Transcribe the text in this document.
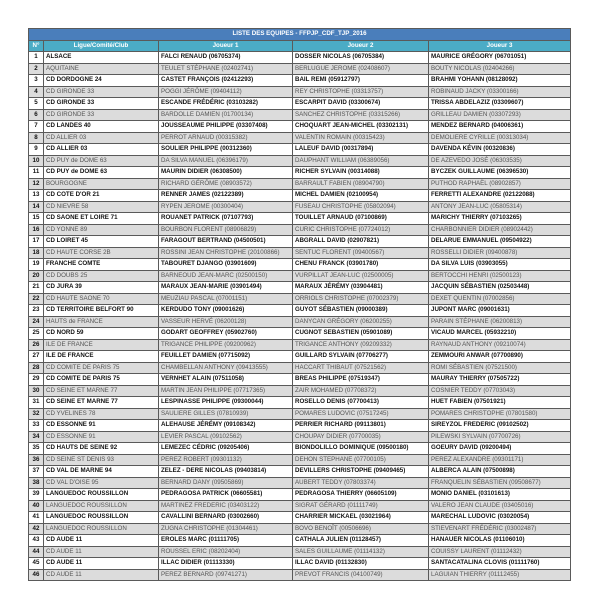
LISTE DES EQUIPES - FFPJP_CDF_TJP_2016				
N°	Ligue/Comité/Club	Joueur 1	Joueur 2	Joueur 3
1	ALSACE	FALCI RENAUD (06705374)	DOSSER NICOLAS (06705384)	MAURICE GRÉGORY (06701051)
2	AQUITAINE	TEULET STÉPHANE (02402741)	BERLUGUE JEROME (02408607)	BOUTY NICOLAS (02404266)
3	CD DORDOGNE 24	CASTET FRANÇOIS (02412293)	BAIL REMI (05912797)	BRAHMI YOHANN (08128092)
4	CD GIRONDE 33	POGGI JÉRÔME (09404112)	REY CHRISTOPHE (03313757)	ROBINAUD JACKY (03300166)
5	CD GIRONDE 33	ESCANDE FRÉDÉRIC (03103282)	ESCARPIT DAVID (03300674)	TRISSA ABDELAZIZ (03309607)
6	CD GIRONDE 33	BARDOLLE DAMIEN (01700134)	SANCHEZ CHRISTOPHE (03315266)	GRILLEAU DAMIEN (03307293)
7	CD LANDES 40	JOUSSEAUME PHILIPPE (03307408)	CHOQUART JEAN-MICHEL (03302131)	MENDEZ BERNARD (04006361)
8	CD ALLIER 03	PERROT ARNAUD (00315382)	VALENTIN ROMAIN (00315423)	DEMOLIERE CYRILLE (00313034)
9	CD ALLIER 03	SOULIER PHILIPPE (00312360)	LALEUF DAVID (00317894)	DAVENDA KÉVIN (00320836)
10	CD PUY de DOME 63	DA SILVA MANUEL (06396179)	DAUPHANT WILLIAM (06389056)	DE AZEVEDO JOSÉ (06303535)
11	CD PUY de DOME 63	MAURIN DIDIER (06308500)	RICHER SYLVAIN (00314088)	BYCZEK GUILLAUME (06396530)
12	BOURGOGNE	RICHARD GÉRÔME (08903572)	BARRAULT FABIEN (08904790)	PUTHOD RAPHAËL (08902857)
13	CD COTE D'OR 21	RENNER JAMES (02122389)	MICHEL DAMIEN (02100954)	FERRETTI ALEXANDRE (02122088)
14	CD NIEVRE 58	RYPEN JEROME (00300404)	FUSEAU CHRISTOPHE (05802094)	ANTONY JEAN-LUC (05805314)
15	CD SAONE ET LOIRE 71	ROUANET PATRICK (07107793)	TOUILLET ARNAUD (07100869)	MARICHY THIERRY (07103265)
16	CD YONNE 89	BOURBON FLORENT (08906829)	CURIC CHRISTOPHE (07724012)	CHARBONNIER DIDIER (08902442)
17	CD LOIRET 45	FARAGOUT BERTRAND (04500501)	ABGRALL DAVID (02907821)	DELARUE EMMANUEL (09504922)
18	CD HAUTE CORSE 2B	ROSSINI JEAN CHRISTOPHE (20100866)	SENTUC FLORENT (09400567)	ROSSELLI DIDIER (09400878)
19	FRANCHE COMTE	TABOURET DJANGO (03901609)	CHENU FRANCK (03901780)	DA SILVA LUIS (03903055)
20	CD DOUBS 25	BARNEOUD JEAN-MARC (02500150)	VURPILLAT JEAN-LUC (02500005)	BERTOCCHI HENRI (02500123)
21	CD JURA 39	MARAUX JEAN-MARIE (03901494)	MARAUX JÉRÉMY (03904481)	JACQUIN SÉBASTIEN (02503448)
22	CD HAUTE SAONE 70	MEUZIAU PASCAL (07001151)	ORRIOLS CHRISTOPHE (07002379)	DEXET QUENTIN (07002856)
23	CD TERRITOIRE BELFORT 90	KERDUDO TONY (09001626)	GUYOT SÉBASTIEN (09000389)	JUPONT MARC (09001631)
24	HAUTS de FRANCE	VASSEUR HERVÉ (06200128)	DANYCAN GRÉGORY (06200255)	PARAIN STÉPHANE (06200813)
25	CD NORD 59	GODART GEOFFREY (05902760)	CUGNOT SEBASTIEN (05901089)	VICAUD MARCEL (05932210)
26	ILE DE FRANCE	TRIGANCE PHILIPPE (09200962)	TRIGANCE ANTHONY (09209332)	RAYNAUD ANTHONY (09210074)
27	ILE DE FRANCE	FEUILLET DAMIEN (07715092)	GUILLARD SYLVAIN (07706277)	ZEMMOURI ANWAR (07700890)
28	CD COMITE DE PARIS 75	CHAMBELLAN ANTHONY (09413555)	HACCART THIBAUT (07521562)	ROMI SÉBASTIEN (07521500)
29	CD COMITE DE PARIS 75	VERNHET ALAIN (07511058)	BREAS PHILIPPE (07519347)	MAURAY THIERRY (07505722)
30	CD SEINE ET MARNE 77	MARTIN JEAN PHILIPPE (07717365)	ZAIR MOHAMED (07708372)	COSNIER TEDDY (07703043)
31	CD SEINE ET MARNE 77	LESPINASSE PHILIPPE (09300044)	ROSELLO DENIS (07700413)	HUET FABIEN (07501921)
32	CD YVELINES 78	SAULIERE GILLES (07810939)	POMARES LUDOVIC (07517245)	POMARES CHRISTOPHE (07801580)
33	CD ESSONNE 91	ALEHAUSE JÉRÉMY (09108342)	PERRIER RICHARD (09113801)	SIREYZOL FREDERIC (09102502)
34	CD ESSONNE 91	LEVIER PASCAL (09102562)	CHOUPAY DIDIER (07700035)	PILEWSKI SYLVAIN (07700726)
35	CD HAUTS DE SEINE 92	LEMEZEC CÉDRIC (09205406)	BIONDOLILLO DOMINIQUE (09500180)	GOEURY DAVID (09200494)
36	CD SEINE ST DENIS 93	PEREZ ROBERT (09301132)	DEHON STEPHANE (07700105)	PEREZ ALEXANDRE (09301171)
37	CD VAL DE MARNE 94	ZELEZ - DERE NICOLAS (09403814)	DEVILLERS CHRISTOPHE (09409465)	ALBERCA ALAIN (07500898)
38	CD VAL D'OISE 95	BERNARD DANY (09505869)	AUBERT TEDDY (07803374)	FRANQUELIN SÉBASTIEN (09508677)
39	LANGUEDOC ROUSSILLON	PEDRAGOSA PATRICK (06605581)	PEDRAGOSA THIERRY (06605109)	MONIO DANIEL (03101613)
40	LANGUEDOC ROUSSILLON	MARTINEZ FREDERIC (03403122)	SIGRAT GÉRARD (01111749)	VALERO JEAN CLAUDE (03405016)
41	LANGUEDOC ROUSSILLON	CAVALLINI BERNARD (03002660)	CHARRIER MICKAEL (03021964)	MARECHAL LUDOVIC (03020054)
42	LANGUEDOC ROUSSILLON	ZUGNA CHRISTOPHE (01304461)	BOVO BENOÎT (00506696)	STIEVENART FRÉDÉRIC (03002487)
43	CD AUDE 11	EROLES MARC (01111705)	CATHALA JULIEN (01128457)	HANAUER NICOLAS (01106010)
44	CD AUDE 11	ROUSSEL ERIC (08202404)	SALES GUILLAUME (01114132)	COUISSY LAURENT (01112432)
45	CD AUDE 11	ILLAC DIDIER (01113330)	ILLAC DAVID (01132830)	SANTACATALINA CLOVIS (01111760)
46	CD AUDE 11	PEREZ BERNARD (09741271)	PREVOT FRANCIS (04100749)	LAGUIAN THIERRY (01112455)
